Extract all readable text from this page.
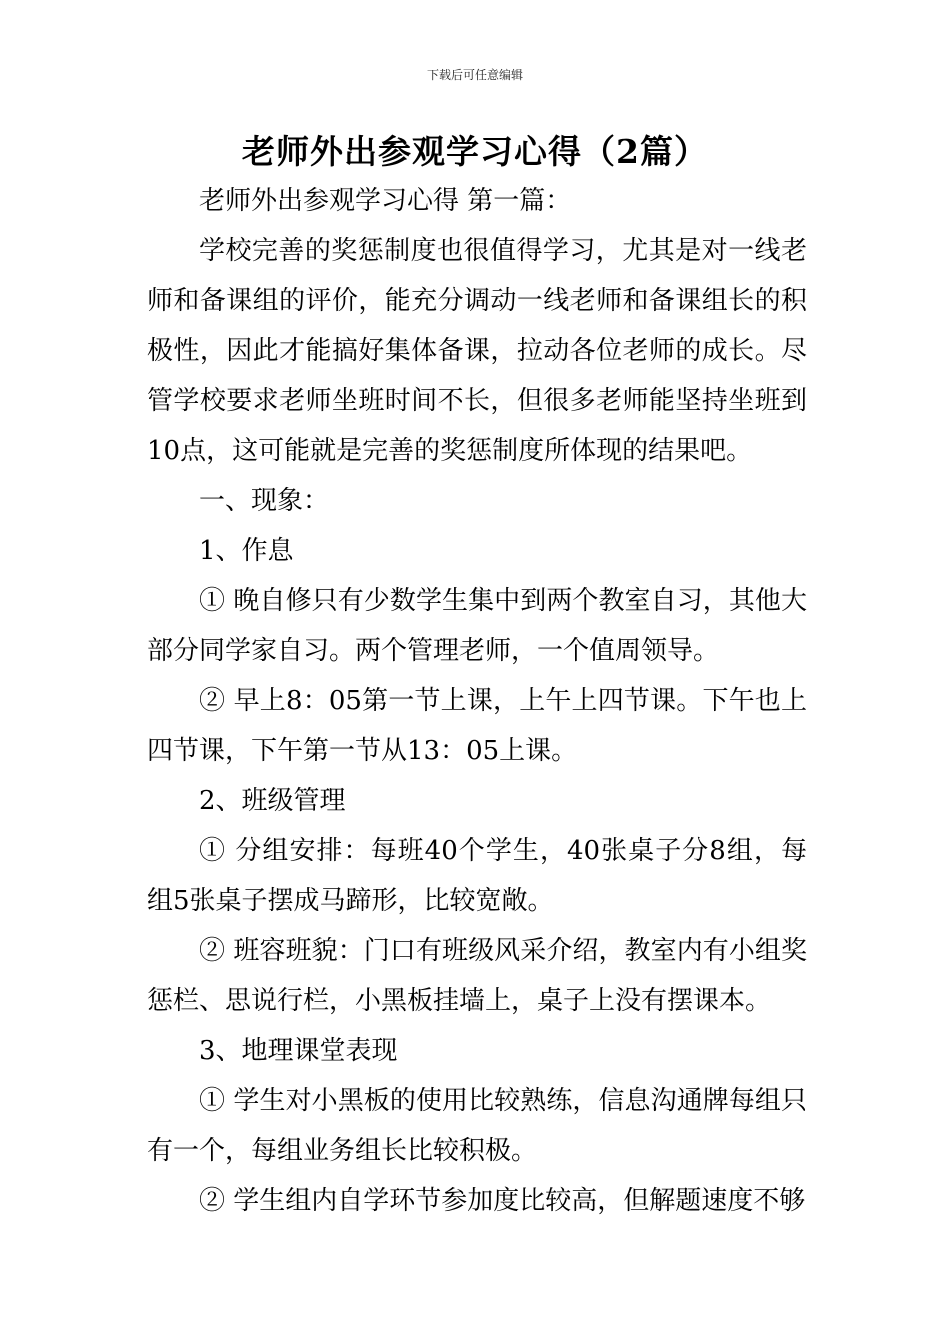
下载后可任意编辑
老师外出参观学习心得（2篇）

老师外出参观学习心得 第一篇：

学校完善的奖惩制度也很值得学习，尤其是对一线老师和备课组的评价，能充分调动一线老师和备课组长的积极性，因此才能搞好集体备课，拉动各位老师的成长。尽管学校要求老师坐班时间不长，但很多老师能坚持坐班到10点，这可能就是完善的奖惩制度所体现的结果吧。

一、现象：

1、作息

① 晚自修只有少数学生集中到两个教室自习，其他大部分同学家自习。两个管理老师，一个值周领导。

② 早上8：05第一节上课，上午上四节课。下午也上四节课，下午第一节从13：05上课。

2、班级管理

① 分组安排：每班40个学生，40张桌子分8组，每组5张桌子摆成马蹄形，比较宽敞。

② 班容班貌：门口有班级风采介绍，教室内有小组奖惩栏、思说行栏，小黑板挂墙上，桌子上没有摆课本。

3、地理课堂表现

① 学生对小黑板的使用比较熟练，信息沟通牌每组只有一个，每组业务组长比较积极。

② 学生组内自学环节参加度比较高，但解题速度不够
